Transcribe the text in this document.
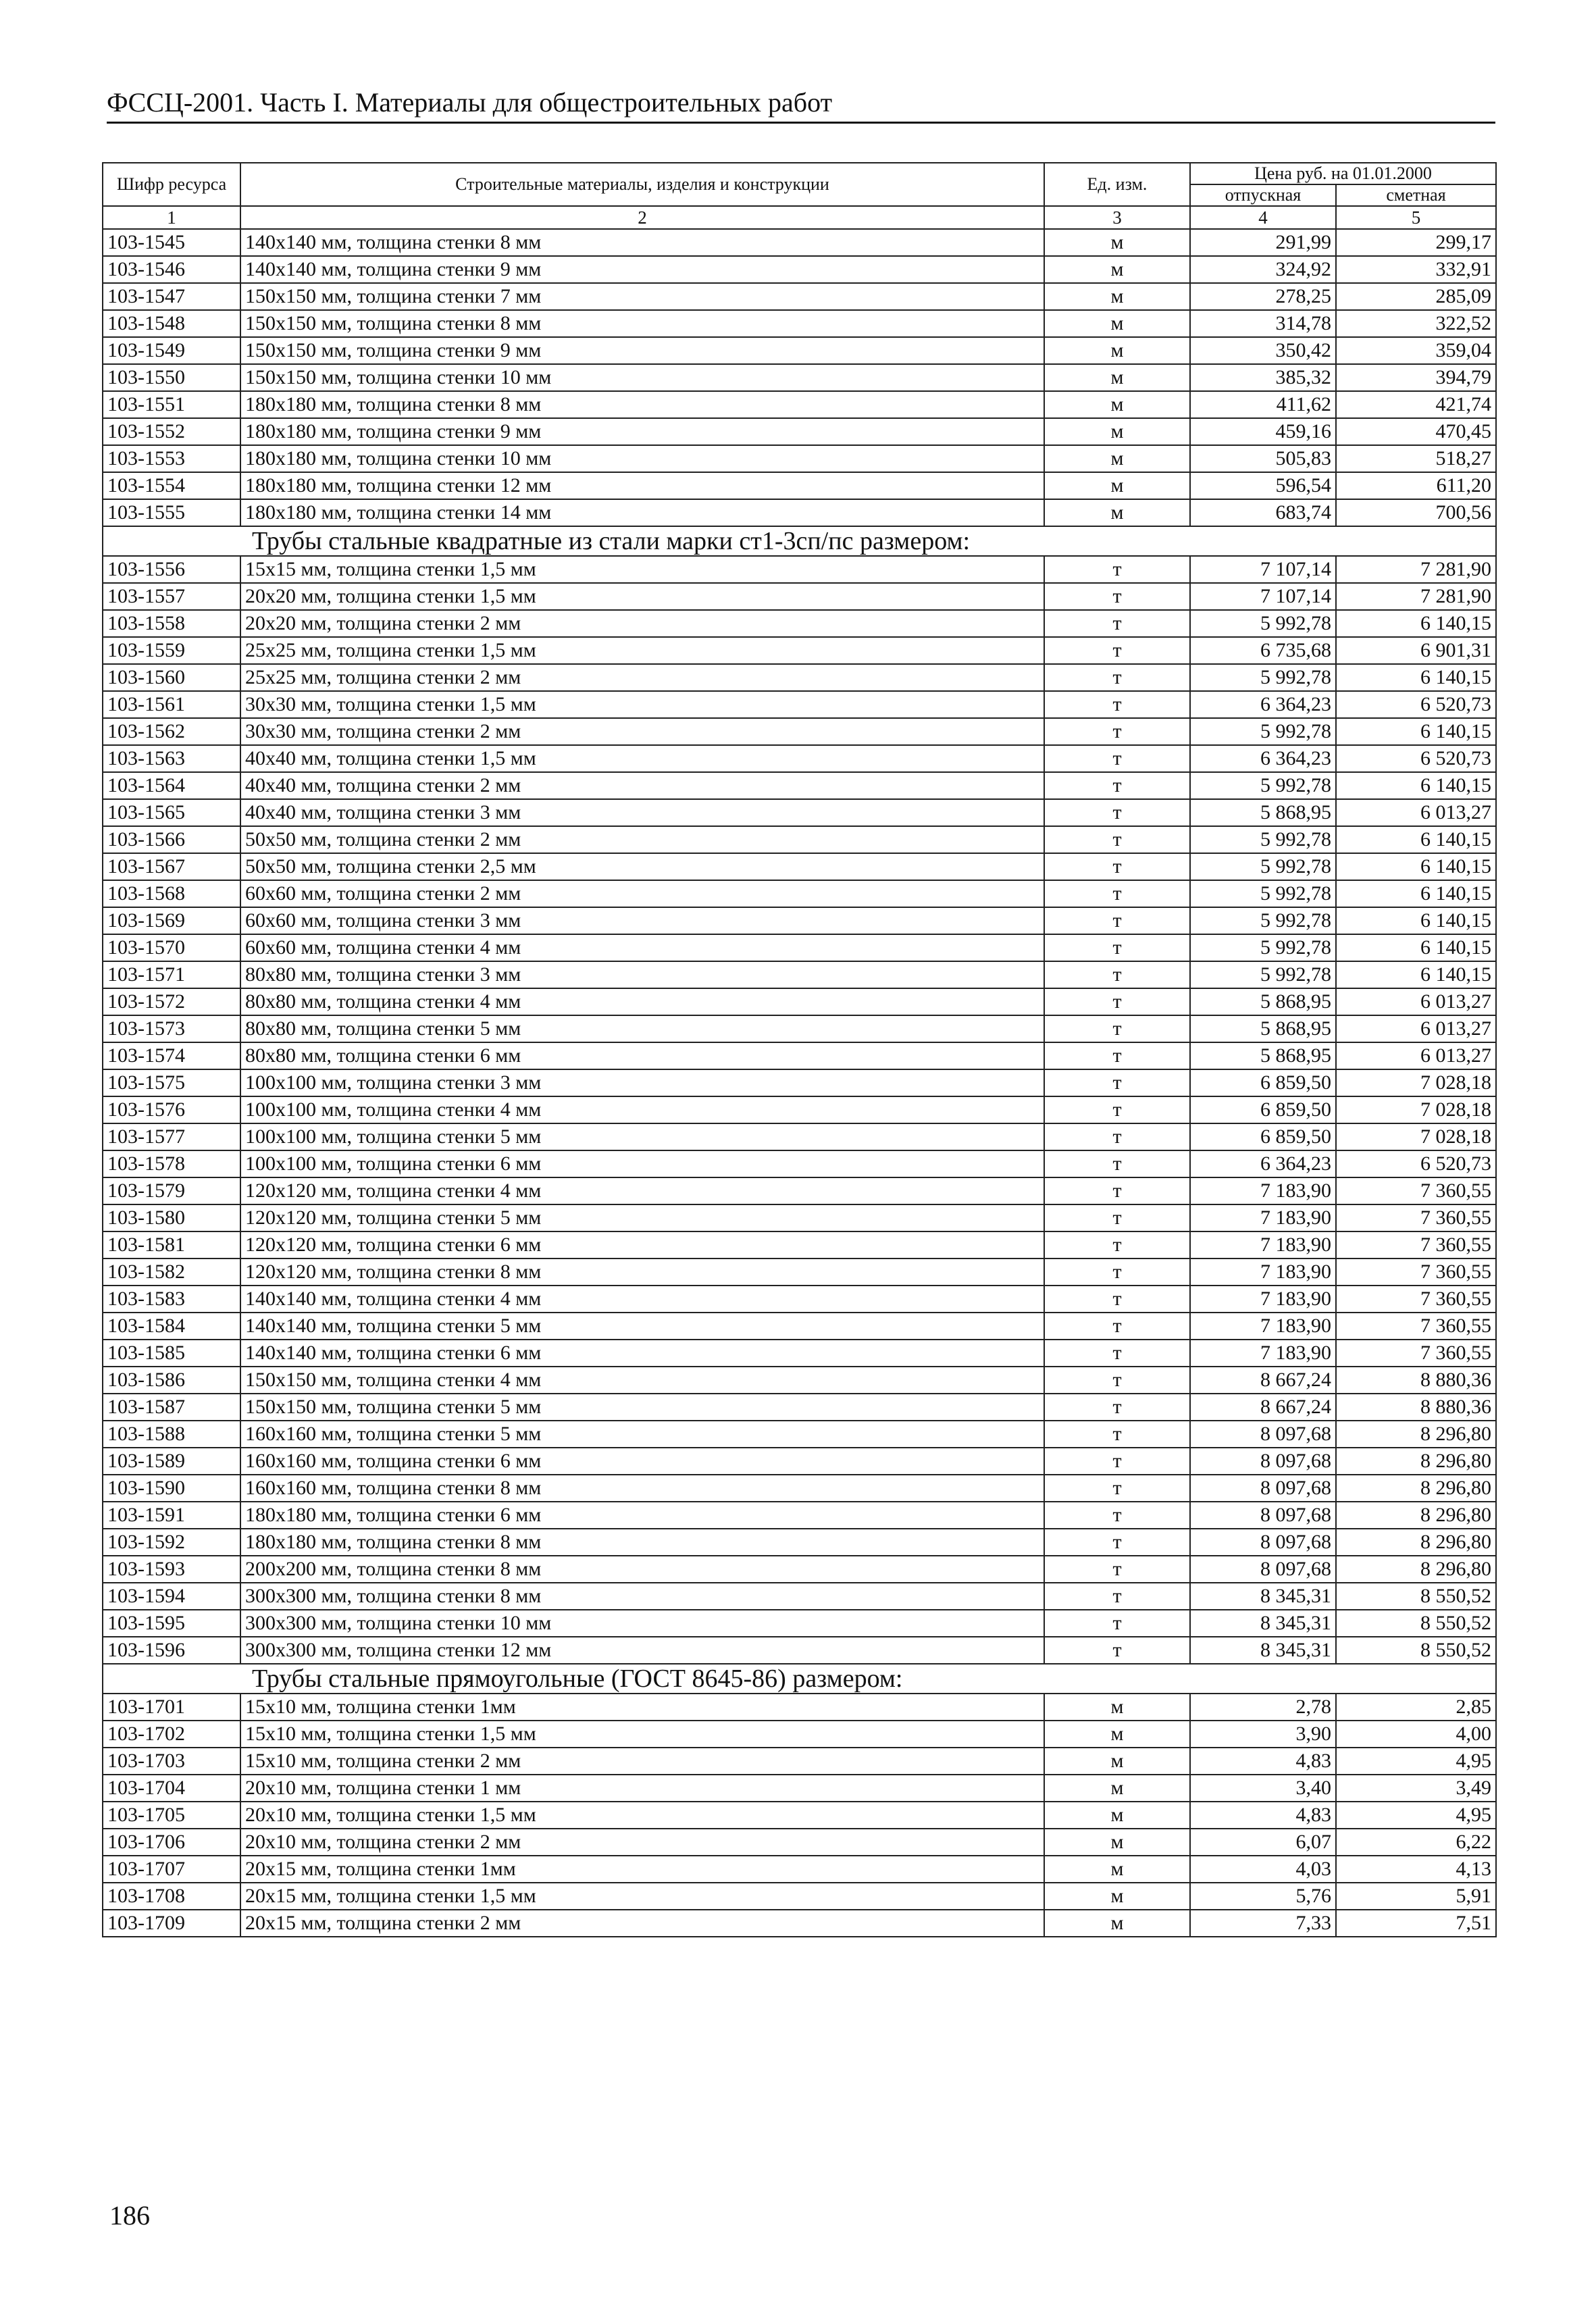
ФССЦ-2001. Часть I. Материалы для общестроительных работ
Шифр ресурса	Строительные материалы, изделия и конструкции	Ед. изм.	Цена руб. на 01.01.2000	
			отпускная	сметная
1	2	3	4	5
103-1545	140x140 мм, толщина стенки 8 мм	м	291,99	299,17
103-1546	140x140 мм, толщина стенки 9 мм	м	324,92	332,91
103-1547	150x150 мм, толщина стенки 7 мм	м	278,25	285,09
103-1548	150x150 мм, толщина стенки 8 мм	м	314,78	322,52
103-1549	150x150 мм, толщина стенки 9 мм	м	350,42	359,04
103-1550	150x150 мм, толщина стенки 10 мм	м	385,32	394,79
103-1551	180x180 мм, толщина стенки 8 мм	м	411,62	421,74
103-1552	180x180 мм, толщина стенки 9 мм	м	459,16	470,45
103-1553	180x180 мм, толщина стенки 10 мм	м	505,83	518,27
103-1554	180x180 мм, толщина стенки 12 мм	м	596,54	611,20
103-1555	180x180 мм, толщина стенки 14 мм	м	683,74	700,56
Трубы стальные квадратные из стали марки ст1-3сп/пс размером:				
103-1556	15x15 мм, толщина стенки 1,5 мм	т	7 107,14	7 281,90
103-1557	20x20 мм, толщина стенки 1,5 мм	т	7 107,14	7 281,90
103-1558	20x20 мм, толщина стенки 2 мм	т	5 992,78	6 140,15
103-1559	25x25 мм, толщина стенки 1,5 мм	т	6 735,68	6 901,31
103-1560	25x25 мм, толщина стенки 2 мм	т	5 992,78	6 140,15
103-1561	30x30 мм, толщина стенки 1,5 мм	т	6 364,23	6 520,73
103-1562	30x30 мм, толщина стенки 2 мм	т	5 992,78	6 140,15
103-1563	40x40 мм, толщина стенки 1,5 мм	т	6 364,23	6 520,73
103-1564	40x40 мм, толщина стенки 2 мм	т	5 992,78	6 140,15
103-1565	40x40 мм, толщина стенки 3 мм	т	5 868,95	6 013,27
103-1566	50x50 мм, толщина стенки 2 мм	т	5 992,78	6 140,15
103-1567	50x50 мм, толщина стенки 2,5 мм	т	5 992,78	6 140,15
103-1568	60x60 мм, толщина стенки 2 мм	т	5 992,78	6 140,15
103-1569	60x60 мм, толщина стенки 3 мм	т	5 992,78	6 140,15
103-1570	60x60 мм, толщина стенки 4 мм	т	5 992,78	6 140,15
103-1571	80x80 мм, толщина стенки 3 мм	т	5 992,78	6 140,15
103-1572	80x80 мм, толщина стенки 4 мм	т	5 868,95	6 013,27
103-1573	80x80 мм, толщина стенки 5 мм	т	5 868,95	6 013,27
103-1574	80x80 мм, толщина стенки 6 мм	т	5 868,95	6 013,27
103-1575	100x100 мм, толщина стенки 3 мм	т	6 859,50	7 028,18
103-1576	100x100 мм, толщина стенки 4 мм	т	6 859,50	7 028,18
103-1577	100x100 мм, толщина стенки 5 мм	т	6 859,50	7 028,18
103-1578	100x100 мм, толщина стенки 6 мм	т	6 364,23	6 520,73
103-1579	120x120 мм, толщина стенки 4 мм	т	7 183,90	7 360,55
103-1580	120x120 мм, толщина стенки 5 мм	т	7 183,90	7 360,55
103-1581	120x120 мм, толщина стенки 6 мм	т	7 183,90	7 360,55
103-1582	120x120 мм, толщина стенки 8 мм	т	7 183,90	7 360,55
103-1583	140x140 мм, толщина стенки 4 мм	т	7 183,90	7 360,55
103-1584	140x140 мм, толщина стенки 5 мм	т	7 183,90	7 360,55
103-1585	140x140 мм, толщина стенки 6 мм	т	7 183,90	7 360,55
103-1586	150x150 мм, толщина стенки 4 мм	т	8 667,24	8 880,36
103-1587	150x150 мм, толщина стенки 5 мм	т	8 667,24	8 880,36
103-1588	160x160 мм, толщина стенки 5 мм	т	8 097,68	8 296,80
103-1589	160x160 мм, толщина стенки 6 мм	т	8 097,68	8 296,80
103-1590	160x160 мм, толщина стенки 8 мм	т	8 097,68	8 296,80
103-1591	180x180 мм, толщина стенки 6 мм	т	8 097,68	8 296,80
103-1592	180x180 мм, толщина стенки 8 мм	т	8 097,68	8 296,80
103-1593	200x200 мм, толщина стенки 8 мм	т	8 097,68	8 296,80
103-1594	300x300 мм, толщина стенки 8 мм	т	8 345,31	8 550,52
103-1595	300x300 мм, толщина стенки 10 мм	т	8 345,31	8 550,52
103-1596	300x300 мм, толщина стенки 12 мм	т	8 345,31	8 550,52
Трубы стальные прямоугольные (ГОСТ 8645-86) размером:				
103-1701	15x10 мм, толщина стенки 1мм	м	2,78	2,85
103-1702	15x10 мм, толщина стенки 1,5 мм	м	3,90	4,00
103-1703	15x10 мм, толщина стенки 2 мм	м	4,83	4,95
103-1704	20x10 мм, толщина стенки 1 мм	м	3,40	3,49
103-1705	20x10 мм, толщина стенки 1,5 мм	м	4,83	4,95
103-1706	20x10 мм, толщина стенки 2 мм	м	6,07	6,22
103-1707	20x15 мм, толщина стенки 1мм	м	4,03	4,13
103-1708	20x15 мм, толщина стенки 1,5 мм	м	5,76	5,91
103-1709	20x15 мм, толщина стенки 2 мм	м	7,33	7,51
186
